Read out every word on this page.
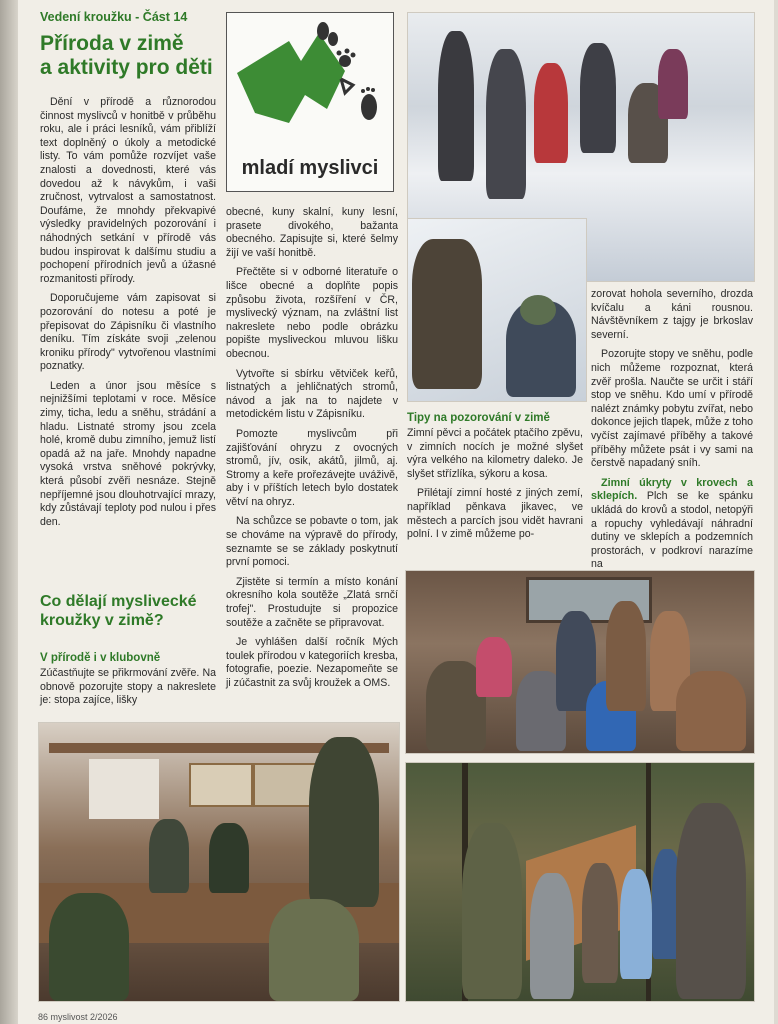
Vedení kroužku - Část 14
Příroda v zimě
a aktivity pro děti

Dění v přírodě a různorodou činnost myslivců v honitbě v průběhu roku, ale i práci lesníků, vám přiblíží text doplněný o úkoly a metodické listy. To vám pomůže rozvíjet vaše znalosti a dovednosti, které vás dovedou až k návykům, i vaši zručnost, vytrvalost a samostatnost. Doufáme, že mnohdy překvapivé výsledky pravidelných pozorování i náhodných setkání v přírodě vás budou inspirovat k dalšímu studiu a pochopení přírodních jevů a úžasné rozmanitosti přírody.

Doporučujeme vám zapisovat si pozorování do notesu a poté je přepisovat do Zápisníku či vlastního deníku. Tím získáte svoji „zelenou kroniku přírody" vytvořenou vlastními poznatky.

Leden a únor jsou měsíce s nejnižšími teplotami v roce. Měsíce zimy, ticha, ledu a sněhu, strádání a hladu. Listnaté stromy jsou zcela holé, kromě dubu zimního, jemuž listí opadá až na jaře. Mnohdy napadne vysoká vrstva sněhové pokrývky, která působí zvěři nesnáze. Stejně nepříjemné jsou dlouhotrvající mrazy, kdy zůstávají teploty pod nulou i přes den.

Co dělají myslivecké
kroužky v zimě?
V přírodě i v klubovně
Zúčastňujte se přikrmování zvěře. Na obnově pozorujte stopy a nakreslete je: stopa zajíce, lišky
mladí myslivci

obecné, kuny skalní, kuny lesní, prasete divokého, bažanta obecného. Zapisujte si, které šelmy žijí ve vaší honitbě.

Přečtěte si v odborné literatuře o lišce obecné a doplňte popis způsobu života, rozšíření v ČR, myslivecký význam, na zvláštní list nakreslete nebo podle obrázku popište mysliveckou mluvou lišku obecnou.

Vytvořte si sbírku větviček keřů, listnatých a jehličnatých stromů, návod a jak na to najdete v metodickém listu v Zápisníku.

Pomozte myslivcům při zajišťování ohryzu z ovocných stromů, jív, osik, akátů, jilmů, aj. Stromy a keře prořezávejte uváživě, aby i v příštích letech bylo dostatek větví na ohryz.

Na schůzce se pobavte o tom, jak se chováme na výpravě do přírody, seznamte se se základy poskytnutí první pomoci.

Zjistěte si termín a místo konání okresního kola soutěže „Zlatá srnčí trofej". Prostudujte si propozice soutěže a začněte se připravovat.

Je vyhlášen další ročník Mých toulek přírodou v kategoriích kresba, fotografie, poezie. Nezapomeňte se ji zúčastnit za svůj kroužek a OMS.

Tipy na pozorování v zimě

Zimní pěvci a počátek ptačího zpěvu, v zimních nocích je možné slyšet výra velkého na kilometry daleko. Je slyšet střízlíka, sýkoru a kosa.

Přilétají zimní hosté z jiných zemí, například pěnkava jikavec, ve městech a parcích jsou vidět havrani polní. I v zimě můžeme po-

zorovat hohola severního, drozda kvíčalu a káni rousnou. Návštěvníkem z tajgy je brkoslav severní.

Pozorujte stopy ve sněhu, podle nich můžeme rozpoznat, která zvěř prošla. Naučte se určit i stáří stop ve sněhu. Kdo umí v přírodě nalézt známky pobytu zvířat, nebo dokonce jejich tlapek, může z toho vyčíst zajímavé příběhy a takové příběhy můžete psát i vy sami na čerstvě napadaný sníh.

Zimní úkryty v krovech a sklepích. Plch se ke spánku ukládá do krovů a stodol, netopýři a ropuchy vyhledávají náhradní dutiny ve sklepích a podzemních prostorách, v podkroví narazíme na

86 myslivost 2/2026
